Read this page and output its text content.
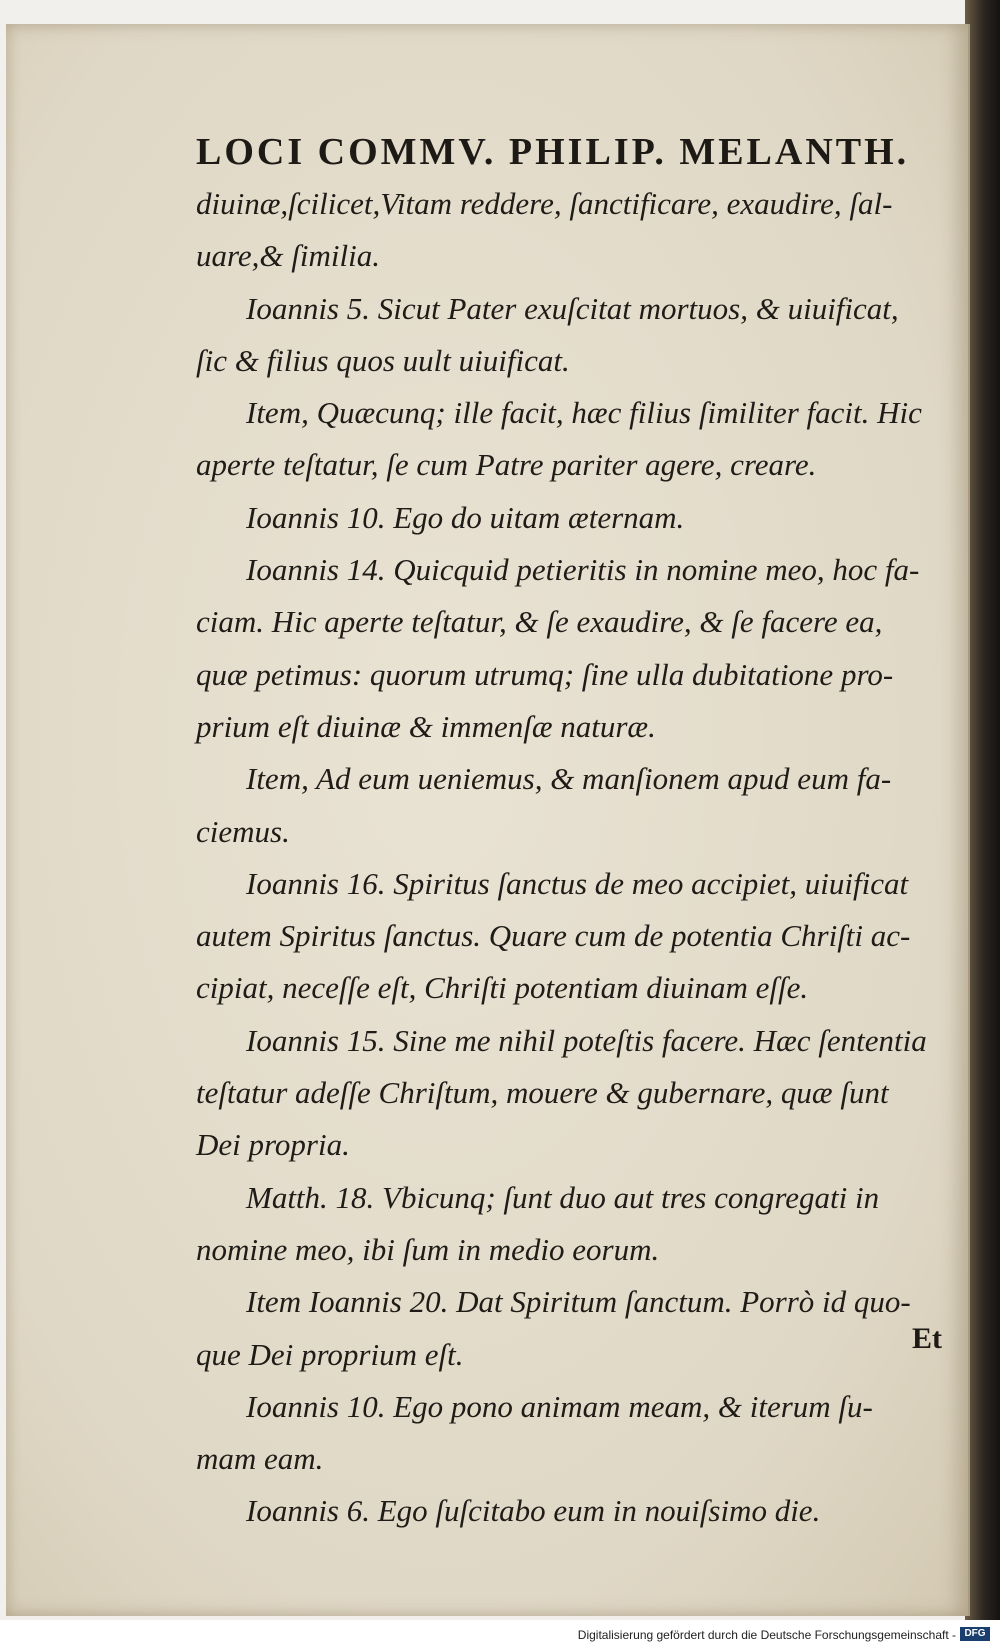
LOCI COMMV. PHILIP. MELANTH.
diuinæ,ſcilicet,Vitam reddere, ſanctificare, exaudire, ſal-
uare,& ſimilia.
Ioannis 5. Sicut Pater exuſcitat mortuos, & uiuificat,
ſic & filius quos uult uiuificat.
Item, Quæcunq; ille facit, hæc filius ſimiliter facit. Hic
aperte teſtatur, ſe cum Patre pariter agere, creare.
Ioannis 10. Ego do uitam æternam.
Ioannis 14. Quicquid petieritis in nomine meo, hoc fa-
ciam. Hic aperte teſtatur, & ſe exaudire, & ſe facere ea,
quæ petimus: quorum utrumq; ſine ulla dubitatione pro-
prium eſt diuinæ & immenſæ naturæ.
Item, Ad eum ueniemus, & manſionem apud eum fa-
ciemus.
Ioannis 16. Spiritus ſanctus de meo accipiet, uiuificat
autem Spiritus ſanctus. Quare cum de potentia Chriſti ac-
cipiat, neceſſe eſt, Chriſti potentiam diuinam eſſe.
Ioannis 15. Sine me nihil poteſtis facere. Hæc ſententia
teſtatur adeſſe Chriſtum, mouere & gubernare, quæ ſunt
Dei propria.
Matth. 18. Vbicunq; ſunt duo aut tres congregati in
nomine meo, ibi ſum in medio eorum.
Item Ioannis 20. Dat Spiritum ſanctum. Porrò id quo-
que Dei proprium eſt.
Ioannis 10. Ego pono animam meam, & iterum ſu-
mam eam.
Ioannis 6. Ego ſuſcitabo eum in nouiſsimo die.
Et
Digitalisierung gefördert durch die Deutsche Forschungsgemeinschaft - DFG
